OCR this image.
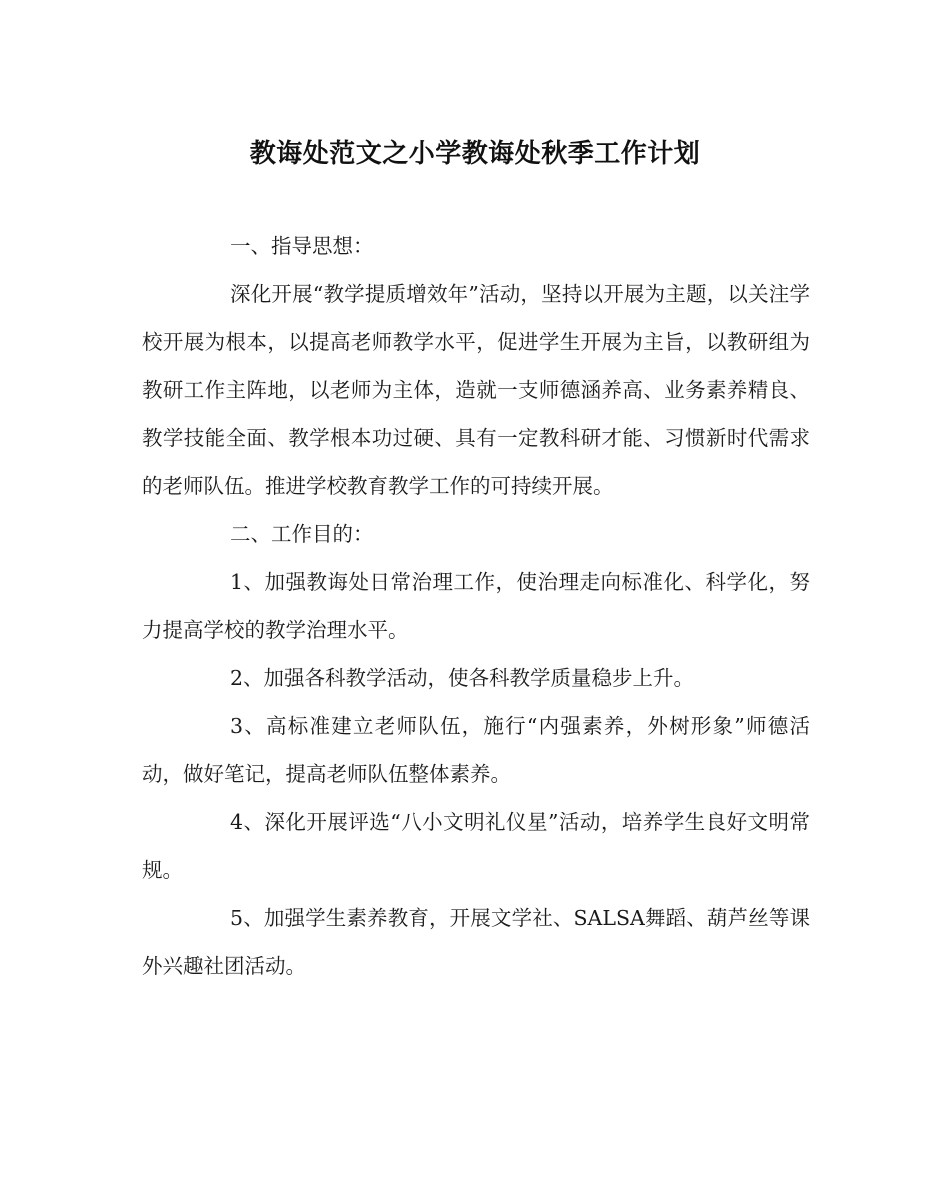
教诲处范文之小学教诲处秋季工作计划

一、指导思想：

深化开展“教学提质增效年”活动，坚持以开展为主题，以关注学校开展为根本，以提高老师教学水平，促进学生开展为主旨，以教研组为教研工作主阵地，以老师为主体，造就一支师德涵养高、业务素养精良、教学技能全面、教学根本功过硬、具有一定教科研才能、习惯新时代需求的老师队伍。推进学校教育教学工作的可持续开展。

二、工作目的：

1、加强教诲处日常治理工作，使治理走向标准化、科学化，努力提高学校的教学治理水平。

2、加强各科教学活动，使各科教学质量稳步上升。

3、高标准建立老师队伍，施行“内强素养，外树形象”师德活动，做好笔记，提高老师队伍整体素养。

4、深化开展评选“八小文明礼仪星”活动，培养学生良好文明常规。

5、加强学生素养教育，开展文学社、SALSA舞蹈、葫芦丝等课外兴趣社团活动。
